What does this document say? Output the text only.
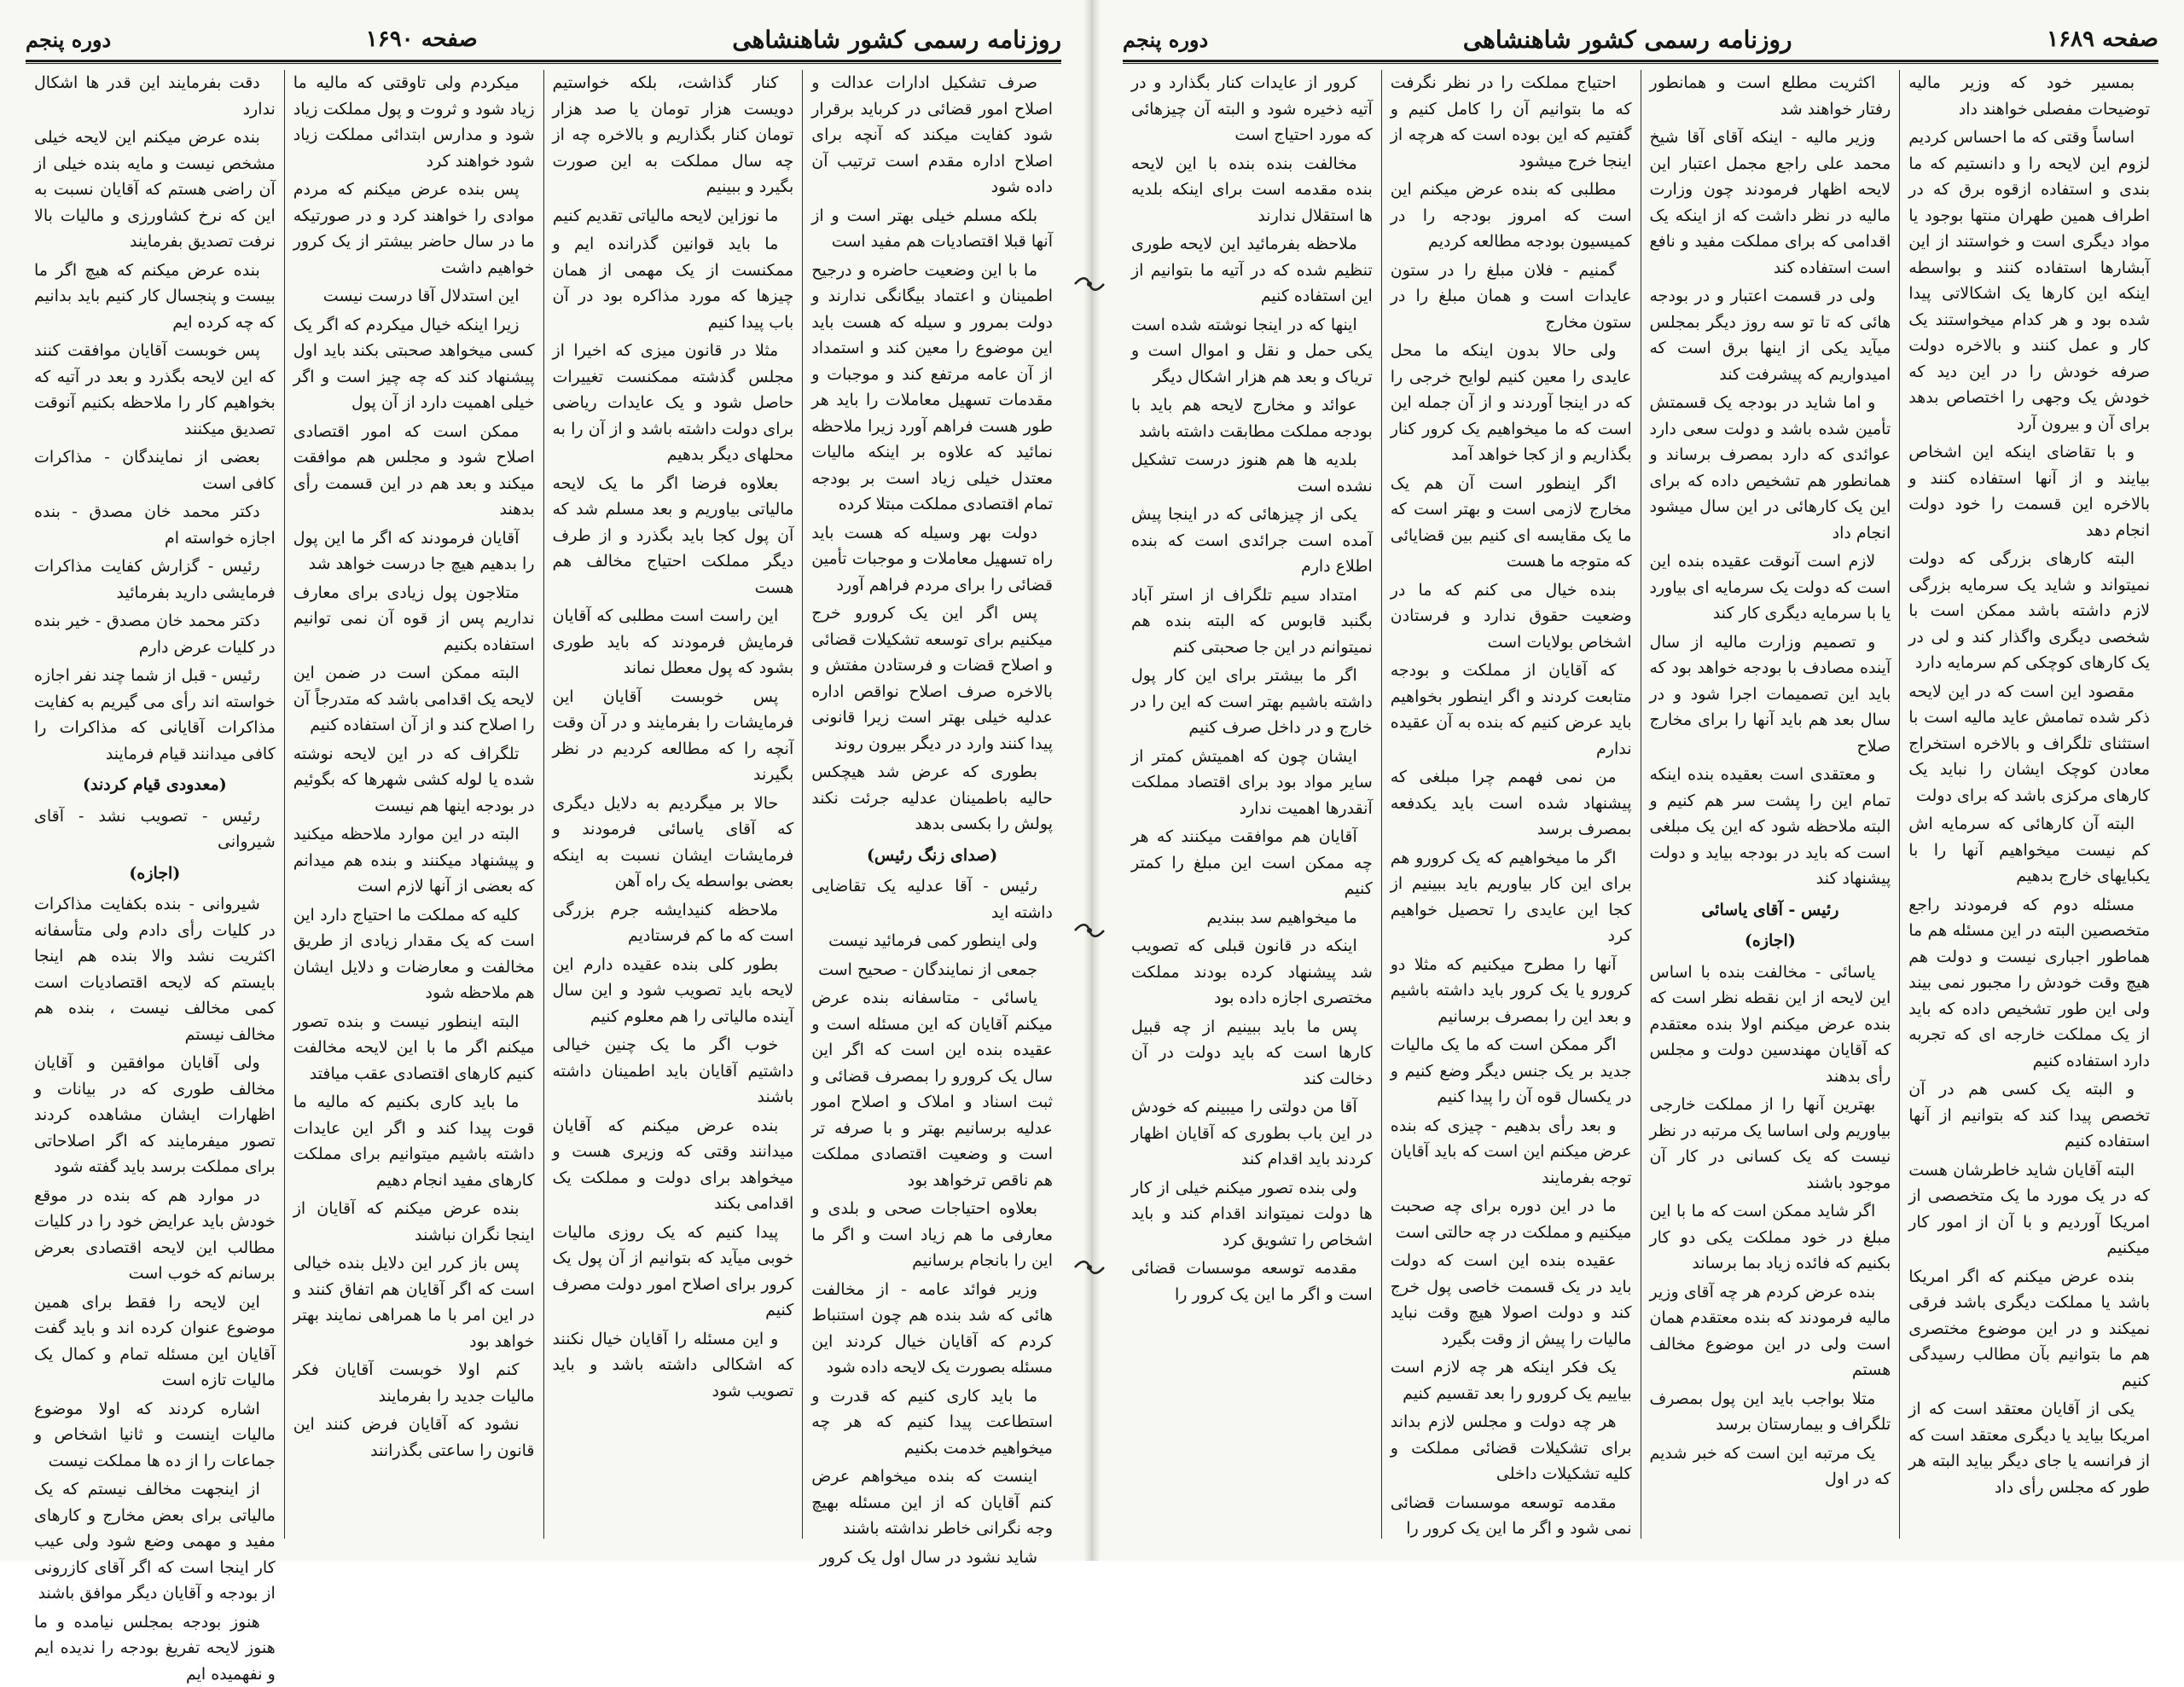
صفحه ۱۶۸۹
روزنامه رسمی کشور شاهنشاهی
دوره پنجم

بمسیر خود که وزیر مالیه توضیحات مفصلی خواهند داد

اساساً وقتی که ما احساس کردیم لزوم این لایحه را و دانستیم که ما بندی و استفاده ازقوه برق که در اطراف همین طهران منتها بوجود یا مواد دیگری است و خواستند از این آبشارها استفاده کنند و بواسطه اینکه این کارها یک اشکالاتی پیدا شده بود و هر کدام میخواستند یک کار و عمل کنند و بالاخره دولت صرفه خودش را در این دید که خودش یک وجهی را اختصاص بدهد برای آن و بیرون آرد

و با تقاضای اینکه این اشخاص بیایند و از آنها استفاده کنند و بالاخره این قسمت را خود دولت انجام دهد

البته کارهای بزرگی که دولت نمیتواند و شاید یک سرمایه بزرگی لازم داشته باشد ممکن است با شخصی دیگری واگذار کند و لی در یک کارهای کوچکی کم سرمایه دارد

مقصود این است که در این لایحه ذکر شده تمامش عاید مالیه است با استثنای تلگراف و بالاخره استخراج معادن کوچک ایشان را نباید یک کارهای مرکزی باشد که برای دولت

البته آن کارهائی که سرمایه اش کم نیست میخواهیم آنها را با یکبایهای خارج بدهیم

مسئله دوم که فرمودند راجع متخصصین البته در این مسئله هم ما هماطور اجباری نیست و دولت هم هیچ وقت خودش را مجبور نمی بیند ولی این طور تشخیص داده که باید از یک مملکت خارجه ای که تجربه دارد استفاده کنیم

و البته یک کسی هم در آن تخصص پیدا کند که بتوانیم از آنها استفاده کنیم

البته آقایان شاید خاطرشان هست که در یک مورد ما یک متخصصی از امریکا آوردیم و با آن از امور کار میکنیم

بنده عرض میکنم که اگر امریکا باشد یا مملکت دیگری باشد فرقی نمیکند و در این موضوع مختصری هم ما بتوانیم بآن مطالب رسیدگی کنیم

یکی از آقایان معتقد است که از امریکا بیاید یا دیگری معتقد است که از فرانسه یا جای دیگر بیاید البته هر طور که مجلس رأی داد

اکثریت مطلع است و همانطور رفتار خواهند شد

وزیر مالیه - اینکه آقای آقا شیخ محمد علی راجع مجمل اعتبار این لایحه اظهار فرمودند چون وزارت مالیه در نظر داشت که از اینکه یک اقدامی که برای مملکت مفید و نافع است استفاده کند

ولی در قسمت اعتبار و در بودجه هائی که تا تو سه روز دیگر بمجلس میآید یکی از اینها برق است که امیدواریم که پیشرفت کند

و اما شاید در بودجه یک قسمتش تأمین شده باشد و دولت سعی دارد عوائدی که دارد بمصرف برساند و همانطور هم تشخیص داده که برای این یک کارهائی در این سال میشود انجام داد

لازم است آنوقت عقیده بنده این است که دولت یک سرمایه ای بیاورد یا با سرمایه دیگری کار کند

و تصمیم وزارت مالیه از سال آینده مصادف با بودجه خواهد بود که باید این تصمیمات اجرا شود و در سال بعد هم باید آنها را برای مخارج صلاح

و معتقدی است بعقیده بنده اینکه تمام این را پشت سر هم کنیم و البته ملاحظه شود که این یک مبلغی است که باید در بودجه بیاید و دولت پیشنهاد کند

رئیس - آقای یاسائی

(اجازه)

یاسائی - مخالفت بنده با اساس این لایحه از این نقطه نظر است که بنده عرض میکنم اولا بنده معتقدم که آقایان مهندسین دولت و مجلس رأی بدهند

بهترین آنها را از مملکت خارجی بیاوریم ولی اساسا یک مرتبه در نظر نیست که یک کسانی در کار آن موجود باشند

اگر شاید ممکن است که ما با این مبلغ در خود مملکت یکی دو کار بکنیم که فائده زیاد بما برساند

بنده عرض کردم هر چه آقای وزیر مالیه فرمودند که بنده معتقدم همان است ولی در این موضوع مخالف هستم

متلا بواجب باید این پول بمصرف تلگراف و بیمارستان برسد

یک مرتبه این است که خبر شدیم که در اول

احتیاج مملکت را در نظر نگرفت که ما بتوانیم آن را کامل کنیم و گفتیم که این بوده است که هرچه از اینجا خرج میشود

مطلبی که بنده عرض میکنم این است که امروز بودجه را در کمیسیون بودجه مطالعه کردیم

گمنیم - فلان مبلغ را در ستون عایدات است و همان مبلغ را در ستون مخارج

ولی حالا بدون اینکه ما محل عایدی را معین کنیم لوایح خرجی را که در اینجا آوردند و از آن جمله این است که ما میخواهیم یک کرور کنار بگذاریم و از کجا خواهد آمد

اگر اینطور است آن هم یک مخارج لازمی است و بهتر است که ما یک مقایسه ای کنیم بین قضایائی که متوجه ما هست

بنده خیال می کنم که ما در وضعیت حقوق ندارد و فرستادن اشخاص بولایات است

که آقایان از مملکت و بودجه متابعت کردند و اگر اینطور بخواهیم باید عرض کنیم که بنده به آن عقیده ندارم

من نمی فهمم چرا مبلغی که پیشنهاد شده است باید یکدفعه بمصرف برسد

اگر ما میخواهیم که یک کرورو هم برای این کار بیاوریم باید ببینیم از کجا این عایدی را تحصیل خواهیم کرد

آنها را مطرح میکنیم که مثلا دو کرورو یا یک کرور باید داشته باشیم و بعد این را بمصرف برسانیم

اگر ممکن است که ما یک مالیات جدید بر یک جنس دیگر وضع کنیم و در یکسال قوه آن را پیدا کنیم

و بعد رأی بدهیم - چیزی که بنده عرض میکنم این است که باید آقایان توجه بفرمایند

ما در این دوره برای چه صحبت میکنیم و مملکت در چه حالتی است

عقیده بنده این است که دولت باید در یک قسمت خاصی پول خرج کند و دولت اصولا هیچ وقت نباید مالیات را پیش از وقت بگیرد

یک فکر اینکه هر چه لازم است بیاییم یک کرورو را بعد تقسیم کنیم

هر چه دولت و مجلس لازم بداند برای تشکیلات قضائی مملکت و کلیه تشکیلات داخلی

مقدمه توسعه موسسات قضائی نمی شود و اگر ما این یک کرور را

کرور از عایدات کنار بگذارد و در آتیه ذخیره شود و البته آن چیزهائی که مورد احتیاج است

مخالفت بنده بنده با این لایحه بنده مقدمه است برای اینکه بلدیه ها استقلال ندارند

ملاحظه بفرمائید این لایحه طوری تنظیم شده که در آتیه ما بتوانیم از این استفاده کنیم

اینها که در اینجا نوشته شده است یکی حمل و نقل و اموال است و تریاک و بعد هم هزار اشکال دیگر

عوائد و مخارج لایحه هم باید با بودجه مملکت مطابقت داشته باشد

بلدیه ها هم هنوز درست تشکیل نشده است

یکی از چیزهائی که در اینجا پیش آمده است جرائدی است که بنده اطلاع دارم

امتداد سیم تلگراف از استر آباد بگنبد قابوس که البته بنده هم نمیتوانم در این جا صحبتی کنم

اگر ما بیشتر برای این کار پول داشته باشیم بهتر است که این را در خارج و در داخل صرف کنیم

ایشان چون که اهمیتش کمتر از سایر مواد بود برای اقتصاد مملکت آنقدرها اهمیت ندارد

آقایان هم موافقت میکنند که هر چه ممکن است این مبلغ را کمتر کنیم

ما میخواهیم سد ببندیم

اینکه در قانون قبلی که تصویب شد پیشنهاد کرده بودند مملکت مختصری اجازه داده بود

پس ما باید ببینیم از چه قبیل کارها است که باید دولت در آن دخالت کند

آقا من دولتی را میبینم که خودش در این باب بطوری که آقایان اظهار کردند باید اقدام کند

ولی بنده تصور میکنم خیلی از کار ها دولت نمیتواند اقدام کند و باید اشخاص را تشویق کرد

مقدمه توسعه موسسات قضائی است و اگر ما این یک کرور را

روزنامه رسمی کشور شاهنشاهی
صفحه ۱۶۹۰
دوره پنجم

صرف تشکیل ادارات عدالت و اصلاح امور قضائی در کرباید برقرار شود کفایت میکند که آنچه برای اصلاح اداره مقدم است ترتیب آن داده شود

بلکه مسلم خیلی بهتر است و از آنها قبلا اقتصادیات هم مفید است

ما با این وضعیت حاضره و درجیح اطمینان و اعتماد بیگانگی ندارند و دولت بمرور و سیله که هست باید این موضوع را معین کند و استمداد از آن عامه مرتفع کند و موجبات و مقدمات تسهیل معاملات را باید هر طور هست فراهم آورد زیرا ملاحظه نمائید که علاوه بر اینکه مالیات معتدل خیلی زیاد است بر بودجه تمام اقتصادی مملکت مبتلا کرده

دولت بهر وسیله که هست باید راه تسهیل معاملات و موجبات تأمین قضائی را برای مردم فراهم آورد

پس اگر این یک کرورو خرج میکنیم برای توسعه تشکیلات قضائی و اصلاح قضات و فرستادن مفتش و بالاخره صرف اصلاح نواقص اداره عدلیه خیلی بهتر است زیرا قانونی پیدا کنند وارد در دیگر بیرون روند

بطوری که عرض شد هیچکس حالیه باطمینان عدلیه جرئت نکند پولش را بکسی بدهد

(صدای زنگ رئیس)

رئیس - آقا عدلیه یک تقاضایی داشته اید

ولی اینطور کمی فرمائید نیست

جمعی از نمایندگان - صحیح است

یاسائی - متاسفانه بنده عرض میکنم آقایان که این مسئله است و عقیده بنده این است که اگر این سال یک کرورو را بمصرف قضائی و ثبت اسناد و املاک و اصلاح امور عدلیه برسانیم بهتر و با صرفه تر است و وضعیت اقتصادی مملکت هم ناقص ترخواهد بود

بعلاوه احتیاجات صحی و بلدی و معارفی ما هم زیاد است و اگر ما این را بانجام برسانیم

وزیر فوائد عامه - از مخالفت هائی که شد بنده هم چون استنباط کردم که آقایان خیال کردند این مسئله بصورت یک لایحه داده شود

ما باید کاری کنیم که قدرت و استطاعت پیدا کنیم که هر چه میخواهیم خدمت بکنیم

اینست که بنده میخواهم عرض کنم آقایان که از این مسئله بهیچ وجه نگرانی خاطر نداشته باشند

شاید نشود در سال اول یک کرور

کنار گذاشت، بلکه خواستیم دویست هزار تومان یا صد هزار تومان کنار بگذاریم و بالاخره چه از چه سال مملکت به این صورت بگیرد و ببینیم

ما نوزاین لایحه مالیاتی تقدیم کنیم

ما باید قوانین گذرانده ایم و ممکنست از یک مهمی از همان چیزها که مورد مذاکره بود در آن باب پیدا کنیم

مثلا در قانون میزی که اخیرا از مجلس گذشته ممکنست تغییرات حاصل شود و یک عایدات ریاضی برای دولت داشته باشد و از آن را به محلهای دیگر بدهیم

بعلاوه فرضا اگر ما یک لایحه مالیاتی بیاوریم و بعد مسلم شد که آن پول کجا باید بگذرد و از طرف دیگر مملکت احتیاج مخالف هم هست

این راست است مطلبی که آقایان فرمایش فرمودند که باید طوری بشود که پول معطل نماند

پس خوبست آقایان این فرمایشات را بفرمایند و در آن وقت آنچه را که مطالعه کردیم در نظر بگیرند

حالا بر میگردیم به دلایل دیگری که آقای یاسائی فرمودند و فرمایشات ایشان نسبت به اینکه بعضی بواسطه یک راه آهن

ملاحظه کنیدایشه جرم بزرگی است که ما کم فرستادیم

بطور کلی بنده عقیده دارم این لایحه باید تصویب شود و این سال آینده مالیاتی را هم معلوم کنیم

خوب اگر ما یک چنین خیالی داشتیم آقایان باید اطمینان داشته باشند

بنده عرض میکنم که آقایان میدانند وقتی که وزیری هست و میخواهد برای دولت و مملکت یک اقدامی بکند

پیدا کنیم که یک روزی مالیات خوبی میآید که بتوانیم از آن پول یک کرور برای اصلاح امور دولت مصرف کنیم

و این مسئله را آقایان خیال نکنند که اشکالی داشته باشد و باید تصویب شود

میکردم ولی تاوقتی که مالیه ما زیاد شود و ثروت و پول مملکت زیاد شود و مدارس ابتدائی مملکت زیاد شود خواهند کرد

پس بنده عرض میکنم که مردم موادی را خواهند کرد و در صورتیکه ما در سال حاضر بیشتر از یک کرور خواهیم داشت

این استدلال آقا درست نیست

زیرا اینکه خیال میکردم که اگر یک کسی میخواهد صحبتی بکند باید اول پیشنهاد کند که چه چیز است و اگر خیلی اهمیت دارد از آن پول

ممکن است که امور اقتصادی اصلاح شود و مجلس هم موافقت میکند و بعد هم در این قسمت رأی بدهند

آقایان فرمودند که اگر ما این پول را بدهیم هیچ جا درست خواهد شد

متلاجون پول زیادی برای معارف نداریم پس از قوه آن نمی توانیم استفاده بکنیم

البته ممکن است در ضمن این لایحه یک اقدامی باشد که متدرجاً آن را اصلاح کند و از آن استفاده کنیم

تلگراف که در این لایحه نوشته شده یا لوله کشی شهرها که بگوئیم در بودجه اینها هم نیست

البته در این موارد ملاحظه میکنید و پیشنهاد میکنند و بنده هم میدانم که بعضی از آنها لازم است

کلیه که مملکت ما احتیاج دارد این است که یک مقدار زیادی از طریق مخالفت و معارضات و دلایل ایشان هم ملاحظه شود

البته اینطور نیست و بنده تصور میکنم اگر ما با این لایحه مخالفت کنیم کارهای اقتصادی عقب میافتد

ما باید کاری بکنیم که مالیه ما قوت پیدا کند و اگر این عایدات داشته باشیم میتوانیم برای مملکت کارهای مفید انجام دهیم

بنده عرض میکنم که آقایان از اینجا نگران نباشند

پس باز کرر این دلایل بنده خیالی است که اگر آقایان هم اتفاق کنند و در این امر با ما همراهی نمایند بهتر خواهد بود

کنم اولا خوبست آقایان فکر مالیات جدید را بفرمایند

نشود که آقایان فرض کنند این قانون را ساعتی بگذرانند

دقت بفرمایند این قدر ها اشکال ندارد

بنده عرض میکنم این لایحه خیلی مشخص نیست و مایه بنده خیلی از آن راضی هستم که آقایان نسبت به این که نرخ کشاورزی و مالیات بالا نرفت تصدیق بفرمایند

بنده عرض میکنم که هیچ اگر ما بیست و پنجسال کار کنیم باید بدانیم که چه کرده ایم

پس خوبست آقایان موافقت کنند که این لایحه بگذرد و بعد در آتیه که بخواهیم کار را ملاحظه بکنیم آنوقت تصدیق میکنند

بعضی از نمایندگان - مذاکرات کافی است

دکتر محمد خان مصدق - بنده اجازه خواسته ام

رئیس - گزارش کفایت مذاکرات فرمایشی دارید بفرمائید

دکتر محمد خان مصدق - خیر بنده در کلیات عرض دارم

رئیس - قبل از شما چند نفر اجازه خواسته اند رأی می گیریم به کفایت مذاکرات آقایانی که مذاکرات را کافی میدانند قیام فرمایند

(معدودی قیام کردند)

رئیس - تصویب نشد - آقای شیروانی

(اجازه)

شیروانی - بنده بکفایت مذاکرات در کلیات رأی دادم ولی متأسفانه اکثریت نشد والا بنده هم اینجا بایستم که لایحه اقتصادیات است کمی مخالف نیست ، بنده هم مخالف نیستم

ولی آقایان موافقین و آقایان مخالف طوری که در بیانات و اظهارات ایشان مشاهده کردند تصور میفرمایند که اگر اصلاحاتی برای مملکت برسد باید گفته شود

در موارد هم که بنده در موقع خودش باید عرایض خود را در کلیات مطالب این لایحه اقتصادی بعرض برسانم که خوب است

این لایحه را فقط برای همین موضوع عنوان کرده اند و باید گفت آقایان این مسئله تمام و کمال یک مالیات تازه است

اشاره کردند که اولا موضوع مالیات اینست و ثانیا اشخاص و جماعات را از ده ها مملکت نیست

از اینجهت مخالف نیستم که یک مالیاتی برای بعض مخارج و کارهای مفید و مهمی وضع شود ولی عیب کار اینجا است که اگر آقای کازرونی از بودجه و آقایان دیگر موافق باشند

هنوز بودجه بمجلس نیامده و ما هنوز لایحه تفریغ بودجه را ندیده ایم و نفهمیده ایم
